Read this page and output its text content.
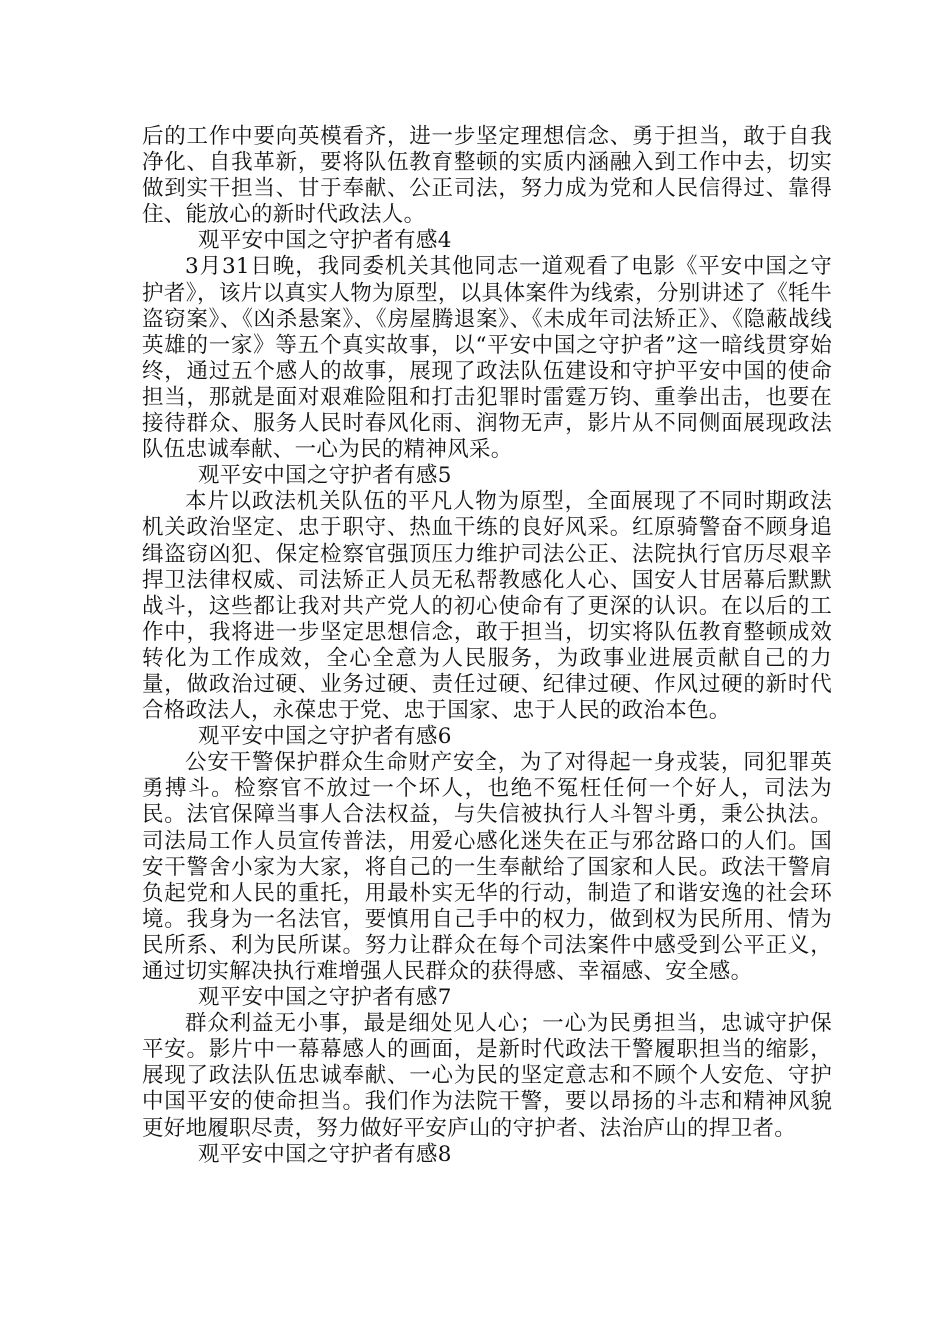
后的工作中要向英模看齐，进一步坚定理想信念、勇于担当，敢于自我净化、自我革新，要将队伍教育整顿的实质内涵融入到工作中去，切实做到实干担当、甘于奉献、公正司法，努力成为党和人民信得过、靠得住、能放心的新时代政法人。

观平安中国之守护者有感4

3月31日晚，我同委机关其他同志一道观看了电影《平安中国之守护者》，该片以真实人物为原型，以具体案件为线索，分别讲述了《牦牛盗窃案》、《凶杀悬案》、《房屋腾退案》、《未成年司法矫正》、《隐蔽战线英雄的一家》等五个真实故事，以“平安中国之守护者”这一暗线贯穿始终，通过五个感人的故事，展现了政法队伍建设和守护平安中国的使命担当，那就是面对艰难险阻和打击犯罪时雷霆万钧、重拳出击，也要在接待群众、服务人民时春风化雨、润物无声，影片从不同侧面展现政法队伍忠诚奉献、一心为民的精神风采。

观平安中国之守护者有感5

本片以政法机关队伍的平凡人物为原型，全面展现了不同时期政法机关政治坚定、忠于职守、热血干练的良好风采。红原骑警奋不顾身追缉盗窃凶犯、保定检察官强顶压力维护司法公正、法院执行官历尽艰辛捍卫法律权威、司法矫正人员无私帮教感化人心、国安人甘居幕后默默战斗，这些都让我对共产党人的初心使命有了更深的认识。在以后的工作中，我将进一步坚定思想信念，敢于担当，切实将队伍教育整顿成效转化为工作成效，全心全意为人民服务，为政事业进展贡献自己的力量，做政治过硬、业务过硬、责任过硬、纪律过硬、作风过硬的新时代合格政法人，永葆忠于党、忠于国家、忠于人民的政治本色。

观平安中国之守护者有感6

公安干警保护群众生命财产安全，为了对得起一身戎装，同犯罪英勇搏斗。检察官不放过一个坏人，也绝不冤枉任何一个好人，司法为民。法官保障当事人合法权益，与失信被执行人斗智斗勇，秉公执法。司法局工作人员宣传普法，用爱心感化迷失在正与邪岔路口的人们。国安干警舍小家为大家，将自己的一生奉献给了国家和人民。政法干警肩负起党和人民的重托，用最朴实无华的行动，制造了和谐安逸的社会环境。我身为一名法官，要慎用自己手中的权力，做到权为民所用、情为民所系、利为民所谋。努力让群众在每个司法案件中感受到公平正义，通过切实解决执行难增强人民群众的获得感、幸福感、安全感。

观平安中国之守护者有感7

群众利益无小事，最是细处见人心；一心为民勇担当，忠诚守护保平安。影片中一幕幕感人的画面，是新时代政法干警履职担当的缩影，展现了政法队伍忠诚奉献、一心为民的坚定意志和不顾个人安危、守护中国平安的使命担当。我们作为法院干警，要以昂扬的斗志和精神风貌更好地履职尽责，努力做好平安庐山的守护者、法治庐山的捍卫者。

观平安中国之守护者有感8
